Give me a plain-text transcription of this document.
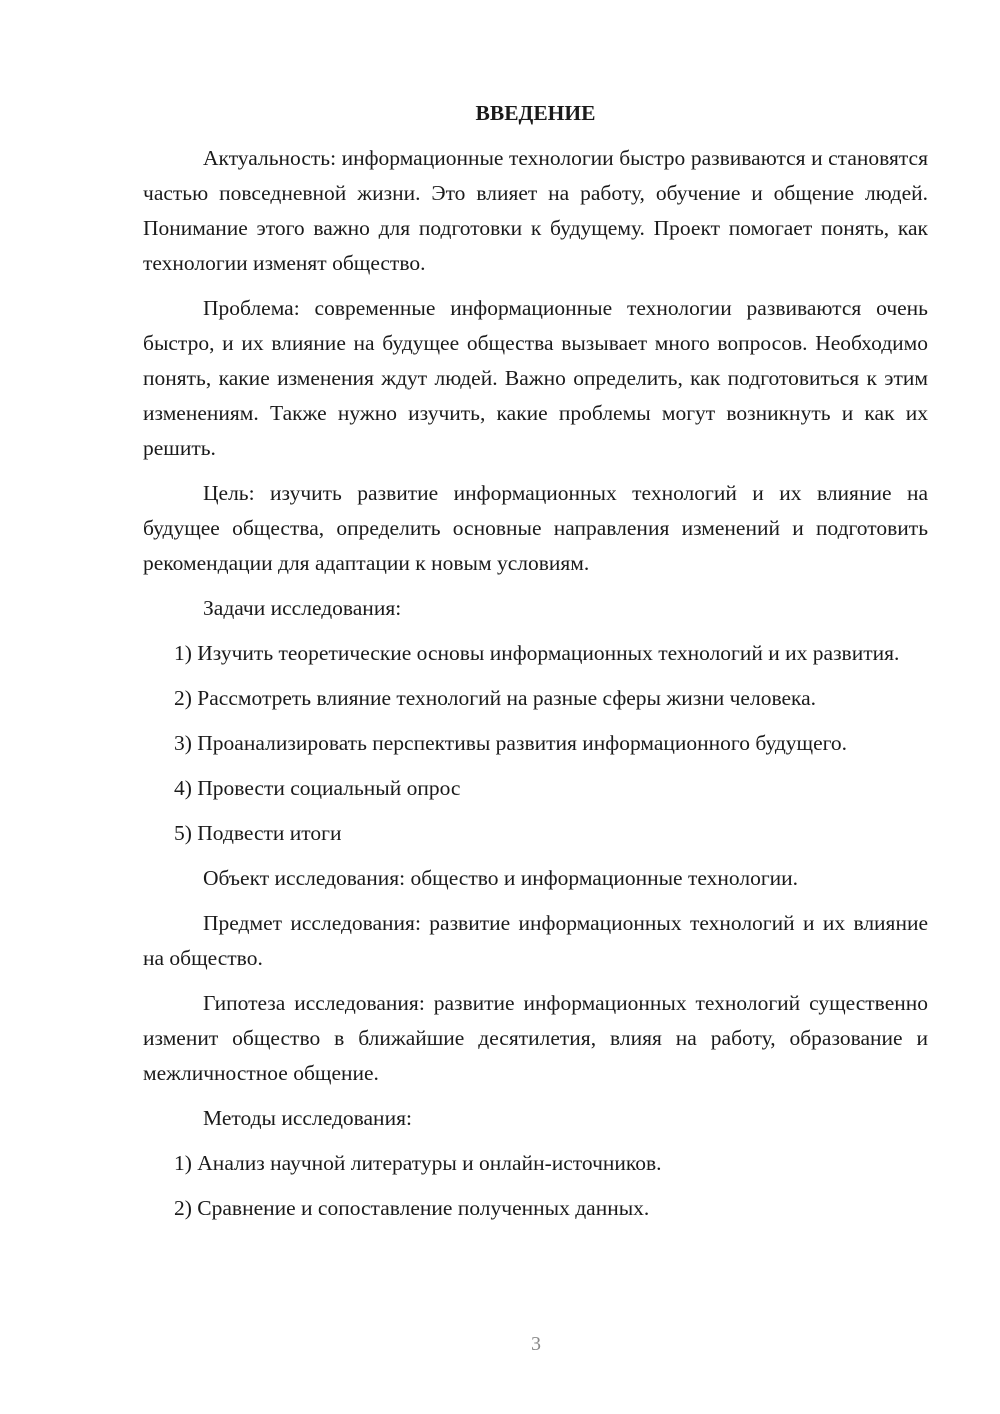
ВВЕДЕНИЕ

Актуальность: информационные технологии быстро развиваются и становятся частью повседневной жизни. Это влияет на работу, обучение и общение людей. Понимание этого важно для подготовки к будущему. Проект помогает понять, как технологии изменят общество.

Проблема: современные информационные технологии развиваются очень быстро, и их влияние на будущее общества вызывает много вопросов. Необходимо понять, какие изменения ждут людей. Важно определить, как подготовиться к этим изменениям. Также нужно изучить, какие проблемы могут возникнуть и как их решить.

Цель: изучить развитие информационных технологий и их влияние на будущее общества, определить основные направления изменений и подготовить рекомендации для адаптации к новым условиям.

Задачи исследования:

1) Изучить теоретические основы информационных технологий и их развития.

2) Рассмотреть влияние технологий на разные сферы жизни человека.

3) Проанализировать перспективы развития информационного будущего.

4) Провести социальный опрос

5) Подвести итоги

Объект исследования: общество и информационные технологии.

Предмет исследования: развитие информационных технологий и их влияние на общество.

Гипотеза исследования: развитие информационных технологий существенно изменит общество в ближайшие десятилетия, влияя на работу, образование и межличностное общение.

Методы исследования:

1) Анализ научной литературы и онлайн-источников.

2) Сравнение и сопоставление полученных данных.

3
